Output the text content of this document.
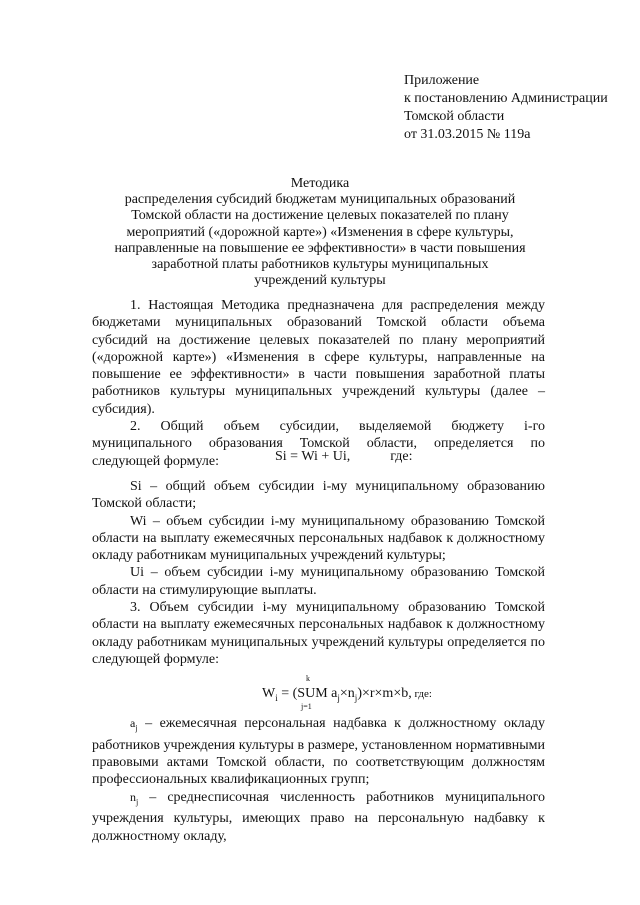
Приложение
к постановлению Администрации
Томской области
от 31.03.2015 № 119а
Методика
распределения субсидий бюджетам муниципальных образований
Томской области на достижение целевых показателей по плану
мероприятий («дорожной карте») «Изменения в сфере культуры,
направленные на повышение ее эффективности» в части повышения
заработной платы работников культуры муниципальных
учреждений культуры

1. Настоящая Методика предназначена для распределения между бюджетами муниципальных образований Томской области объема субсидий на достижение целевых показателей по плану мероприятий («дорожной карте») «Изменения в сфере культуры, направленные на повышение ее эффективности» в части повышения заработной платы работников культуры муниципальных учреждений культуры (далее – субсидия).

2. Общий объем субсидии, выделяемой бюджету i-го муниципального образования Томской области, определяется по следующей формуле:	Si = Wi + Ui,	где:

Si – общий объем субсидии i-му муниципальному образованию Томской области;

Wi – объем субсидии i-му муниципальному образованию Томской области на выплату ежемесячных персональных надбавок к должностному окладу работникам муниципальных учреждений культуры;

Ui – объем субсидии i-му муниципальному образованию Томской области на стимулирующие выплаты.

3. Объем субсидии i-му муниципальному образованию Томской области на выплату ежемесячных персональных надбавок к должностному окладу работникам муниципальных учреждений культуры определяется по следующей формуле:

k
$W_i = (SUM$ $a_j\times n_j)\times r\times m\times b$, где:
j=1

$a_j$ – ежемесячная персональная надбавка к должностному окладу работников учреждения культуры в размере, установленном нормативными правовыми актами Томской области, по соответствующим должностям профессиональных квалификационных групп;

$n_j$ – среднесписочная численность работников муниципального учреждения культуры, имеющих право на персональную надбавку к должностному окладу,
